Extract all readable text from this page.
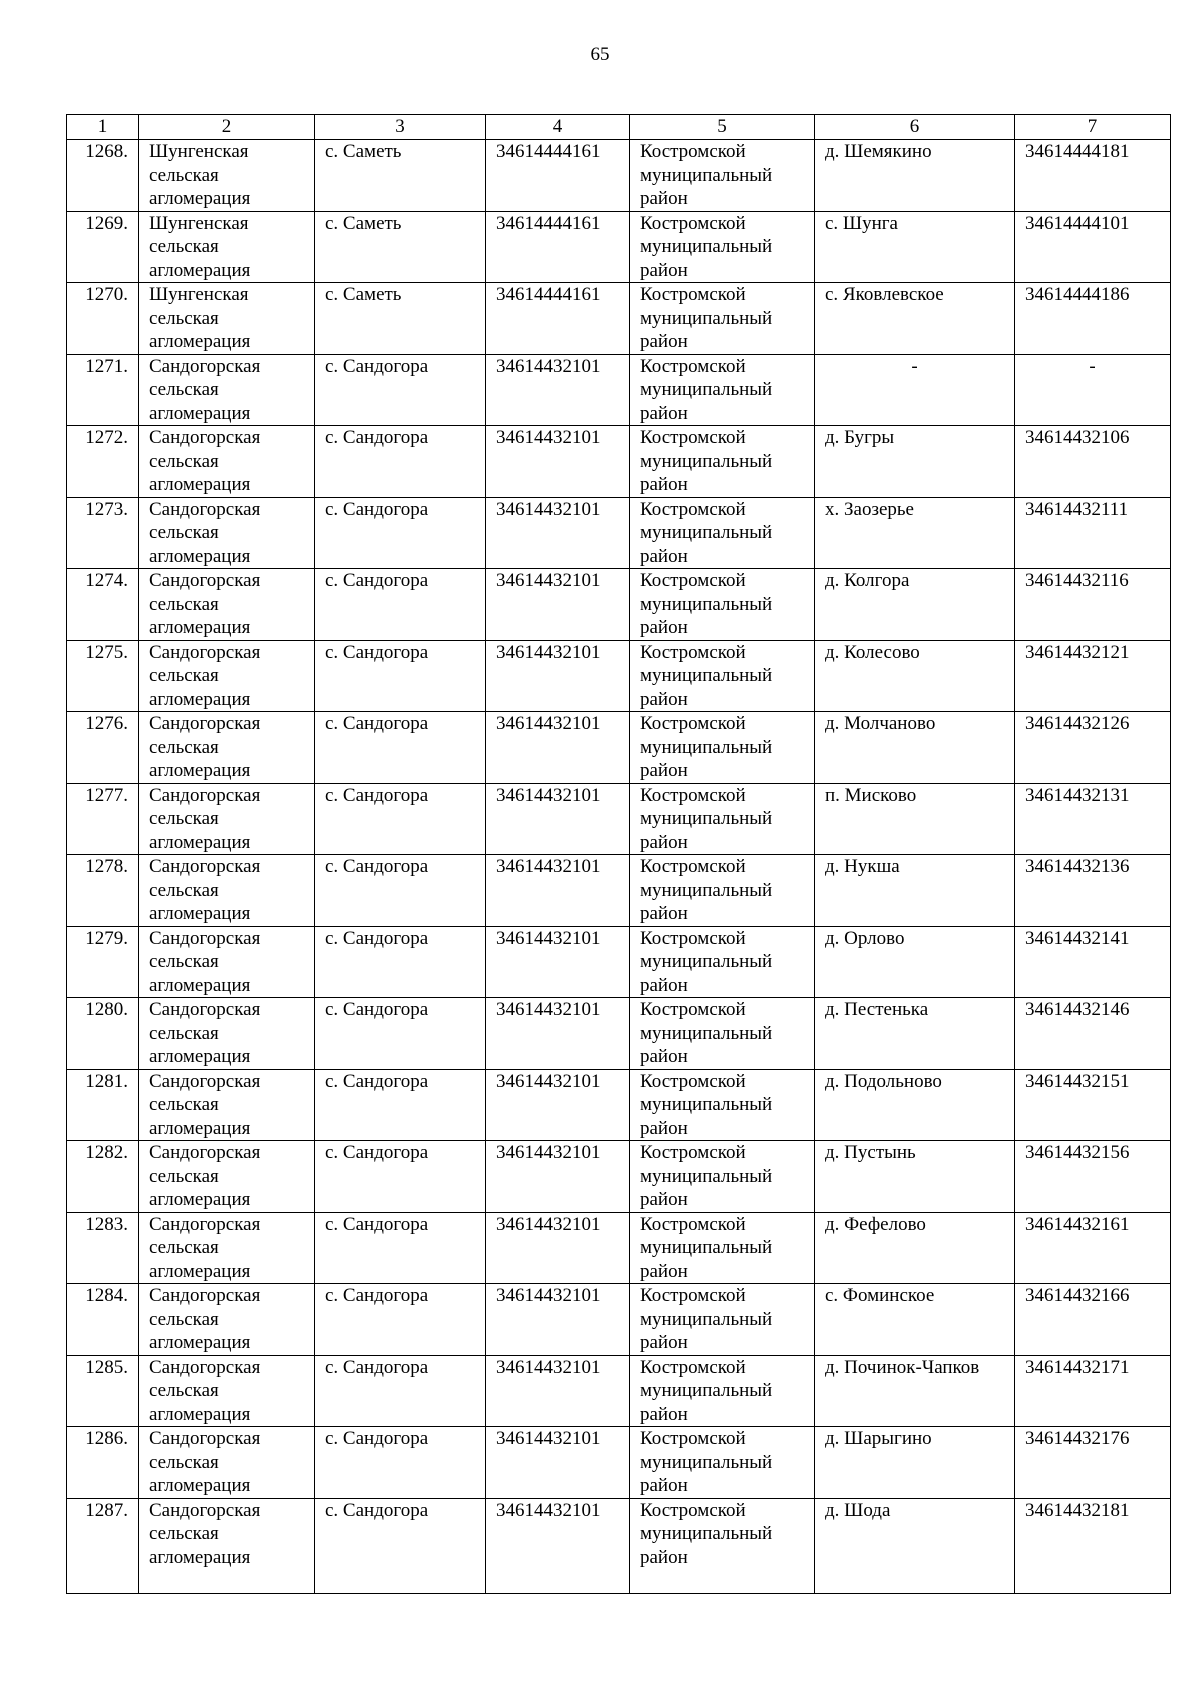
65
1	2	3	4	5	6	7
1268.	Шунгенская
сельская
агломерация	с. Саметь	34614444161	Костромской
муниципальный
район	д. Шемякино	34614444181
1269.	Шунгенская
сельская
агломерация	с. Саметь	34614444161	Костромской
муниципальный
район	с. Шунга	34614444101
1270.	Шунгенская
сельская
агломерация	с. Саметь	34614444161	Костромской
муниципальный
район	с. Яковлевское	34614444186
1271.	Сандогорская
сельская
агломерация	с. Сандогора	34614432101	Костромской
муниципальный
район	-	-
1272.	Сандогорская
сельская
агломерация	с. Сандогора	34614432101	Костромской
муниципальный
район	д. Бугры	34614432106
1273.	Сандогорская
сельская
агломерация	с. Сандогора	34614432101	Костромской
муниципальный
район	х. Заозерье	34614432111
1274.	Сандогорская
сельская
агломерация	с. Сандогора	34614432101	Костромской
муниципальный
район	д. Колгора	34614432116
1275.	Сандогорская
сельская
агломерация	с. Сандогора	34614432101	Костромской
муниципальный
район	д. Колесово	34614432121
1276.	Сандогорская
сельская
агломерация	с. Сандогора	34614432101	Костромской
муниципальный
район	д. Молчаново	34614432126
1277.	Сандогорская
сельская
агломерация	с. Сандогора	34614432101	Костромской
муниципальный
район	п. Мисково	34614432131
1278.	Сандогорская
сельская
агломерация	с. Сандогора	34614432101	Костромской
муниципальный
район	д. Нукша	34614432136
1279.	Сандогорская
сельская
агломерация	с. Сандогора	34614432101	Костромской
муниципальный
район	д. Орлово	34614432141
1280.	Сандогорская
сельская
агломерация	с. Сандогора	34614432101	Костромской
муниципальный
район	д. Пестенька	34614432146
1281.	Сандогорская
сельская
агломерация	с. Сандогора	34614432101	Костромской
муниципальный
район	д. Подольново	34614432151
1282.	Сандогорская
сельская
агломерация	с. Сандогора	34614432101	Костромской
муниципальный
район	д. Пустынь	34614432156
1283.	Сандогорская
сельская
агломерация	с. Сандогора	34614432101	Костромской
муниципальный
район	д. Фефелово	34614432161
1284.	Сандогорская
сельская
агломерация	с. Сандогора	34614432101	Костромской
муниципальный
район	с. Фоминское	34614432166
1285.	Сандогорская
сельская
агломерация	с. Сандогора	34614432101	Костромской
муниципальный
район	д. Починок-Чапков	34614432171
1286.	Сандогорская
сельская
агломерация	с. Сандогора	34614432101	Костромской
муниципальный
район	д. Шарыгино	34614432176
1287.	Сандогорская
сельская
агломерация	с. Сандогора	34614432101	Костромской
муниципальный
район	д. Шода	34614432181
